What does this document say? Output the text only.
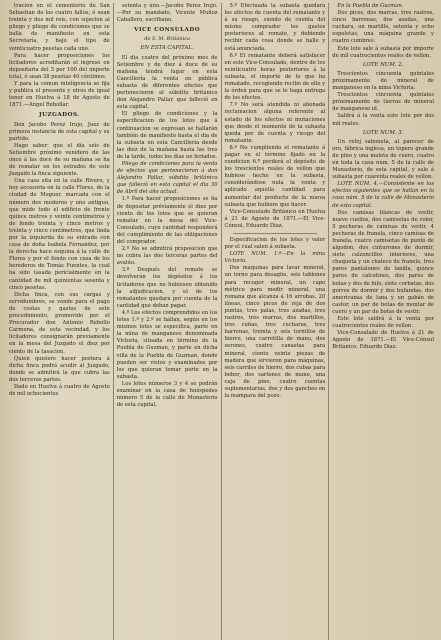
tración en el cementerio de San Sebastian de los cuatro fallos, ó sean treinta y dos mil reis, con sujecion al pliego y pliego de condiciones que se halla de manifiesto en esta Secretaría, y bajo el tipo de veinticuatro pesetas cada uno.

Para hacer proposiciones los licitadores acreditarán el ingreso en depositaria del 5 por 100 del importe total, ó sean 38 pesetas 40 céntimos.

Y para la comun inteligencia se fija y publica el presente y otros de igual tenor en Huelva á 18 de Agosto de 1871.—Angel Rebollar.

JUZGADOS.

Don Jacobo Perez Irujo, Juez de primera instancia de esta capital y su partido.

Hago saber: que el dia seis de Setiembre próximo venidero de las once á las doce de su mañana se ha de rematar en los estrados de este Juzgado la finca siguiente.

Una casa sita en la calle Rivero, y hoy accesoria en la calle Flores, de la ciudad de Moguer, marcada con el número dos moderno y uno antiguo, que mide todo el edificio de frente quince metros y veinte centímetros y de fondo treinta y cinco metros y treinta y cinco centímetros, que linda por la izquierda de su entrada con casa de doña Isabela Fernandez, por la derecha hace esquina á la calle de Flores y por el fondo con casa de los herederos de Tomás Fuentes, la cual ha sido tasada pericialmente en la cantidad de mil quinientas sesenta y cinco pesetas.

Dicha finca, con sus cargas y servidumbres, se vende para el pago de costas y gastos de este procedimiento, promovido por el Procurador don Antonio Rebollo Carmona, de esta vecindad, y los licitadores consignarán previamente en la mesa del Juzgado el diez por ciento de la tasacion.

Quien quisiere hacer postura á dicha finca podrá acudir al Juzgado, donde se admitirá la que cubra las dos terceras partes.

Dado en Huelva á cuatro de Agosto de mil ochocientos

setenta y uno.—Jacobo Perez Irujo.—Por su mandado, Vicente Muñoz Caballero, escribano.

VICE CONSULADO

de S. M. Británica

EN ESTA CAPITAL.

El dia cuatro del próximo mes de Setiembre y de diez á doce de su mañana tendrá lugar en esta Cancillería la venta en pública subasta de diferentes efectos que pertenecieron al súbdito británico don Alejandro Pallar, que falleció en esta capital.

El pliego de condiciones y la especificacion de los lotes que á continuacion se expresan se hallarán también de manifiesto hasta el dia de la subasta en esta Cancillería desde las diez de la mañana hasta las tres de la tarde, todos los dias no feriados.

Pliego de condiciones para la venta de efectos que pertenecieron á don Alejandro Pallar, súbdito británico que falleció en esta capital el dia 30 de Abril del año actual.

1.º Para hacer proposiciones se ha de depositar préviamente el diez por ciento de los lotes que se quieran rematar en la mesa del Vice-Consulado, cuyo cantidad responderá del cumplimiento de las obligaciones del comprador.

2.º No se admitirá proposicion que no cubra las dos terceras partes del avalúo.

3.º Después del remate se devolverán los depósitos á los licitadores que no hubiesen obtenido la adjudicacion, y el de los rematantes quedará por cuenta de la cantidad que deban pagar.

4.º Los efectos comprendidos en los lotes 1.º y 2.º se hallan, según en los mismos lotes se especifica, parte en la mina de manganeso denominada Victoria, situada en término de la Puebla de Guzman, y parte en dicha villa de la Puebla de Guzman, donde pueden ser vistos y examinados por los que quieran tomar parte en la subasta.

Los lotes números 3 y 4 se podrán examinar en la casa de huéspedes número 5 de la calle de Monasterio de esta capital.

5.º Efectuada la subasta quedará los efectos de cuenta del rematante y á su riesgo, siendo de cuenta del mismo comprador los gastos posteriores al remate, y debiendo recibir cada cosa donde se halle y está anunciada.

6.º El rematante deberá satisfacer en este Vice-Consulado, dentro de los veinticuatro horas posteriores á la subasta, el importe de lo que ha rematado, recogiendo recibo de ello y la órden para que se le haga entrega de los efectos.

7.º No será atendida ni abonada reclamacion alguna referente al estado de los efectos ni mutaciones que desde el momento de la subasta queda por de cuenta y riesgo del rematante.

8.º No cumpliendo el rematante á pagar en el término fijado en la condicion 6.ª perderá el depósito de los trescientos reales de vellon que hubiese hecho en la subasta, considerándose nula la venta y aplicado aquella cantidad para aumentar del producto de la nueva subasta que hubiere que hacer.

Vice-Consulado Británico en Huelva á 21 de Agosto de 1871.—El Vice-Cónsul, Eduardo Diaz.

Especificacion de los lotes y valor por el cual salen á subasta.

LOTE NUM. 1.º—En la mina Victoria.

Dos máquinas para lavar mineral, un torno para desagüe, seis tablones para recoger mineral, un capo métrico para medir mineral, una romana que alcanza á 16 arrobas, 20 líneas, cinco picos de reja de dos puntas, tres palas, tres azadas, tres rastros, tres marras, dos martillos, tres cuñas, tres cucharas, tres barrenas, treinta y seis tornillos de hierro, una carretilla de mano, dos serones, cuatro canastas para mineral, ciento veinte piezas de madera que sirvieron para máquinas, seis carriles de hierro, dos cubas para beber, dos sartenes de mano, una caja de pino, cuatro cuentas suplementarias, dos y dos ganchos en la mampara del pozo.

En la Puebla de Guzman.

Dos picos, dos marras, tres rastros, cinco barrenas, dos azadas, una cuchara, un martillo, setenta y ocho espoletas, una máquina grande y cuatro cumbres.

Este lote sale á subasta por importe de mil cuatrocientos reales de vellon.

LOTE NUM. 2.

Trescientos cincuenta quintales próximamente de mineral de manganeso en la mina Victoria.

Trescientos cincuenta quintales próximamente de tierras de mineral de manganeso id.

Saldrá á la venta este lote por dos mil reales.

LOTE NUM. 3.

Un reloj saboneta, al parecer de oro, fábrica inglesa, un topero grande de pino y una maleta de cuero, cuatro en toda la casa núm. 5 de la calle de Monasterio, de esta capital, y sale á subasta por cuarenta reales de vellon.

LOTE NÚM. 4.—Consistente en los efectos siguientes que se hallan en la casa núm. 5 de la calle de Monasterio de esta capital.

Dos camisas blancas de vestir, nueve cuellos, dos camisetas de color, 5 pecheras de camisas de vestir, 4 pecheras de franela, cinco camisas de franela, cuatro camisetas de punto de algodon, dos cinturones de dormir, siete calzoncillos interiores, una chaqueta y un chaleco de franela, tres pares pantalones de lanilla, quince pares de calcetines, dos pares de botas y dos de hilo, siete corbatas, dos gorros de dormir y dos bufandas, dos americanas de lana y un gabán de castor, un par de botas de montar de cuero y un par de botas de vestir.

Este lote saldrá á la venta por cuatrocientos reales de vellon.

Vice-Consulado de Huelva á 21 de Agosto de 1871.—El Vice-Cónsul Británico, Eduardo Diaz.
